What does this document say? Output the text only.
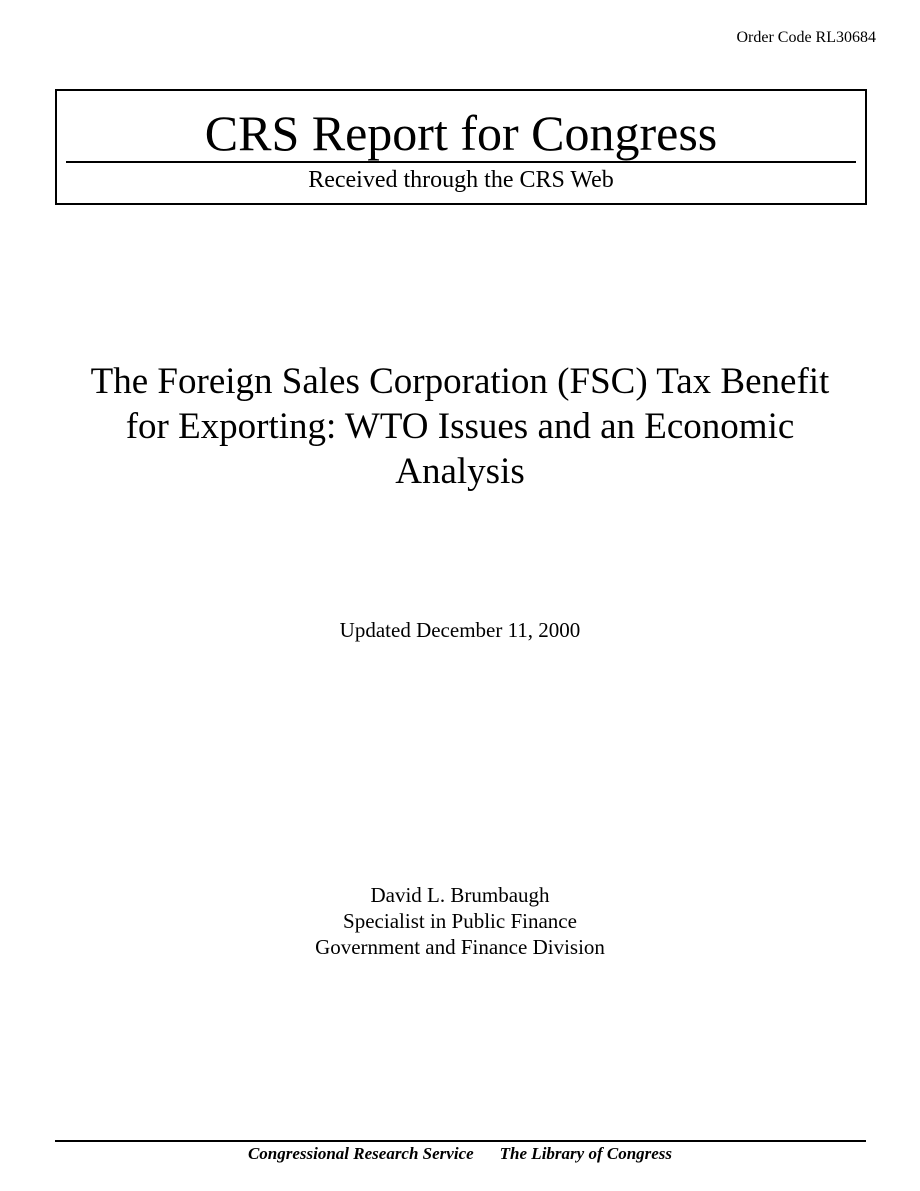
Order Code RL30684
CRS Report for Congress
Received through the CRS Web
The Foreign Sales Corporation (FSC) Tax Benefit
for Exporting: WTO Issues and an Economic
Analysis
Updated December 11, 2000
David L. Brumbaugh
Specialist in Public Finance
Government and Finance Division
Congressional Research Service The Library of Congress
